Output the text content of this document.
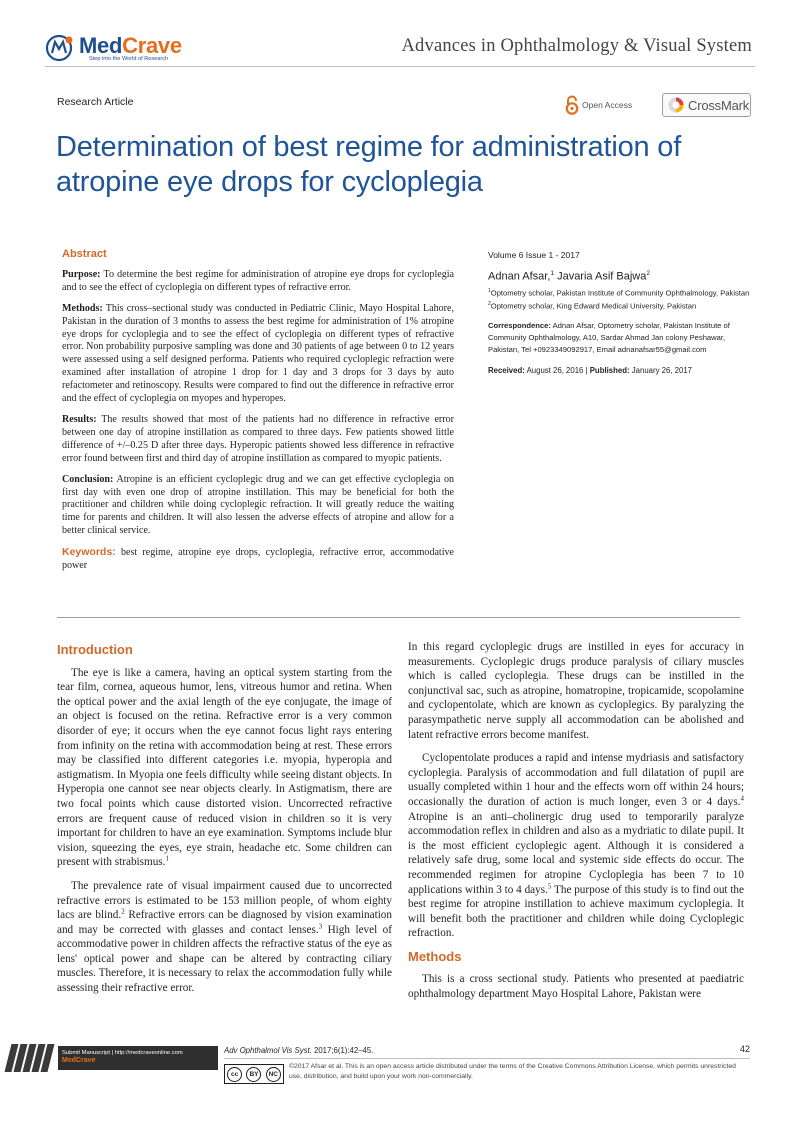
MedCrave
Step into the World of Research
Advances in Ophthalmology & Visual System
Research Article	Open Access	CrossMark
Determination of best regime for administration of atropine eye drops for cycloplegia
Abstract

Purpose: To determine the best regime for administration of atropine eye drops for cycloplegia and to see the effect of cycloplegia on different types of refractive error.

Methods: This cross–sectional study was conducted in Pediatric Clinic, Mayo Hospital Lahore, Pakistan in the duration of 3 months to assess the best regime for administration of 1% atropine eye drops for cycloplegia and to see the effect of cycloplegia on different types of refractive error. Non probability purposive sampling was done and 30 patients of age between 0 to 12 years were assessed using a self designed performa. Patients who required cycloplegic refraction were examined after installation of atropine 1 drop for 1 day and 3 drops for 3 days by auto refactometer and retinoscopy. Results were compared to find out the difference in refractive error and the effect of cycloplegia on myopes and hyperopes.

Results: The results showed that most of the patients had no difference in refractive error between one day of atropine instillation as compared to three days. Few patients showed little difference of +/–0.25 D after three days. Hyperopic patients showed less difference in refractive error found between first and third day of atropine instillation as compared to myopic patients.

Conclusion: Atropine is an efficient cycloplegic drug and we can get effective cycloplegia on first day with even one drop of atropine instillation. This may be beneficial for both the practitioner and children while doing cycloplegic refraction. It will greatly reduce the waiting time for parents and children. It will also lessen the adverse effects of atropine and allow for a better clinical service.

Keywords: best regime, atropine eye drops, cycloplegia, refractive error, accommodative power

Volume 6 Issue 1 - 2017
Adnan Afsar,$^1$ Javaria Asif Bajwa$^2$
$^1$Optometry scholar, Pakistan Institute of Community Ophthalmology, Pakistan
$^2$Optometry scholar, King Edward Medical University, Pakistan
Correspondence: Adnan Afsar, Optometry scholar, Pakistan Institute of Community Ophthalmology, A10, Sardar Ahmad Jan colony Peshawar, Pakistan, Tel +0923349092917, Email adnanafsar55@gmail.com
Received: August 26, 2016 | Published: January 26, 2017
Introduction

The eye is like a camera, having an optical system starting from the tear film, cornea, aqueous humor, lens, vitreous humor and retina. When the optical power and the axial length of the eye conjugate, the image of an object is focused on the retina. Refractive error is a very common disorder of eye; it occurs when the eye cannot focus light rays entering from infinity on the retina with accommodation being at rest. These errors may be classified into different categories i.e. myopia, hyperopia and astigmatism. In Myopia one feels difficulty while seeing distant objects. In Hyperopia one cannot see near objects clearly. In Astigmatism, there are two focal points which cause distorted vision. Uncorrected refractive errors are frequent cause of reduced vision in children so it is very important for children to have an eye examination. Symptoms include blur vision, squeezing the eyes, eye strain, headache etc. Some children can present with strabismus.$^1$

The prevalence rate of visual impairment caused due to uncorrected refractive errors is estimated to be 153 million people, of whom eighty lacs are blind.$^2$ Refractive errors can be diagnosed by vision examination and may be corrected with glasses and contact lenses.$^3$ High level of accommodative power in children affects the refractive status of the eye as lens' optical power and shape can be altered by contracting ciliary muscles. Therefore, it is necessary to relax the accommodation fully while assessing their refractive error.

In this regard cycloplegic drugs are instilled in eyes for accuracy in measurements. Cycloplegic drugs produce paralysis of ciliary muscles which is called cycloplegia. These drugs can be instilled in the conjunctival sac, such as atropine, homatropine, tropicamide, scopolamine and cyclopentolate, which are known as cycloplegics. By paralyzing the parasympathetic nerve supply all accommodation can be abolished and latent refractive errors become manifest.

Cyclopentolate produces a rapid and intense mydriasis and satisfactory cycloplegia. Paralysis of accommodation and full dilatation of pupil are usually completed within 1 hour and the effects worn off within 24 hours; occasionally the duration of action is much longer, even 3 or 4 days.$^4$ Atropine is an anti–cholinergic drug used to temporarily paralyze accommodation reflex in children and also as a mydriatic to dilate pupil. It is the most efficient cycloplegic agent. Although it is considered a relatively safe drug, some local and systemic side effects do occur. The recommended regimen for atropine Cycloplegia has been 7 to 10 applications within 3 to 4 days.$^5$ The purpose of this study is to find out the best regime for atropine instillation to achieve maximum cycloplegia. It will benefit both the practitioner and children while doing Cycloplegic refraction.

Methods

This is a cross sectional study. Patients who presented at paediatric ophthalmology department Mayo Hospital Lahore, Pakistan were

Submit Manuscript | http://medcraveonline.com
MedCrave
Adv Ophthalmol Vis Syst. 2017;6(1):42–45.	42
cc	BY NC
©2017 Afsar et al. This is an open access article distributed under the terms of the Creative Commons Attribution License, which permits unrestricted use, distribution, and build upon your work non-commercially.
